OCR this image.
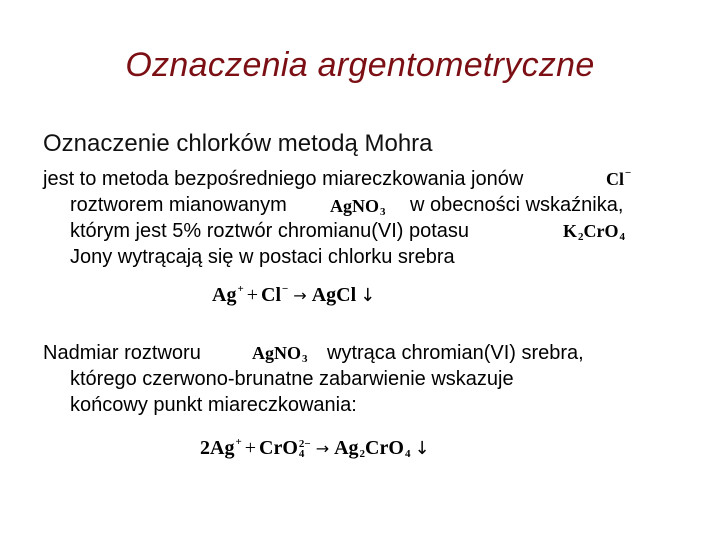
Oznaczenia argentometryczne
Oznaczenie chlorków metodą Mohra
jest to metoda bezpośredniego miareczkowania jonów	Cl−
roztworem mianowanym AgNO$_3$ w obecności wskaźnika,
którym jest 5% roztwór chromianu(VI) potasu	$K_2CrO_4$
Jony wytrącają się w postaci chlorku srebra
Ag+ + Cl− → AgCl ↓
Nadmiar roztworu	AgNO$_3$ wytrąca chromian(VI) srebra,
którego czerwono-brunatne zabarwienie wskazuje
końcowy punkt miareczkowania:
2Ag+ + CrO 2−
$4 \to Ag_2CrO_4$ ↓
